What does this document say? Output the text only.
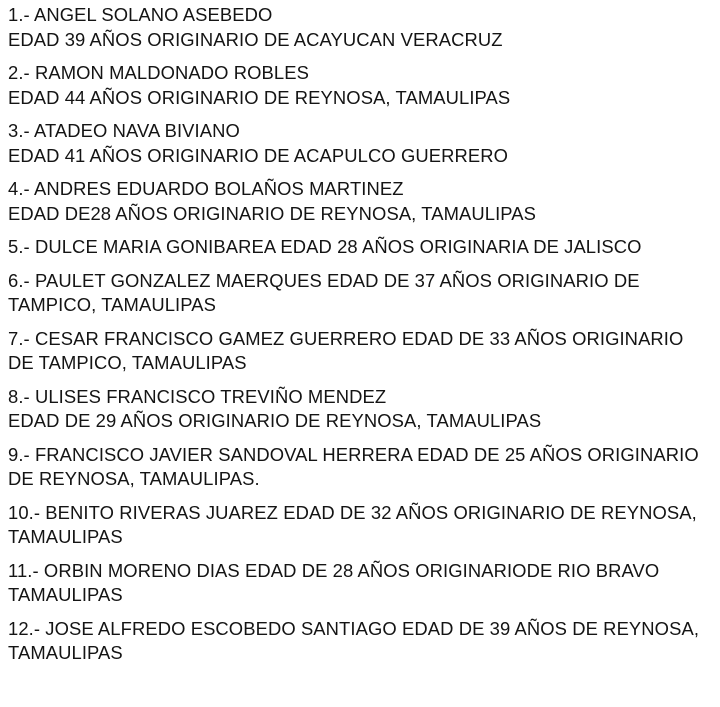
1.- ANGEL SOLANO ASEBEDO
EDAD 39 AÑOS ORIGINARIO DE ACAYUCAN VERACRUZ
2.- RAMON MALDONADO ROBLES
EDAD 44 AÑOS ORIGINARIO DE REYNOSA, TAMAULIPAS
3.- ATADEO NAVA BIVIANO
EDAD 41 AÑOS ORIGINARIO DE ACAPULCO GUERRERO
4.- ANDRES EDUARDO BOLAÑOS MARTINEZ
EDAD DE28 AÑOS ORIGINARIO DE REYNOSA, TAMAULIPAS
5.- DULCE MARIA GONIBAREA EDAD 28 AÑOS ORIGINARIA DE JALISCO
6.- PAULET GONZALEZ MAERQUES EDAD DE 37 AÑOS ORIGINARIO DE
TAMPICO, TAMAULIPAS
7.- CESAR FRANCISCO GAMEZ GUERRERO EDAD DE 33 AÑOS ORIGINARIO
DE TAMPICO, TAMAULIPAS
8.- ULISES FRANCISCO TREVIÑO MENDEZ
EDAD DE 29 AÑOS ORIGINARIO DE REYNOSA, TAMAULIPAS
9.- FRANCISCO JAVIER SANDOVAL HERRERA EDAD DE 25 AÑOS ORIGINARIO
DE REYNOSA, TAMAULIPAS.
10.- BENITO RIVERAS JUAREZ EDAD DE 32 AÑOS ORIGINARIO DE REYNOSA,
TAMAULIPAS
11.- ORBIN MORENO DIAS EDAD DE 28 AÑOS ORIGINARIODE RIO BRAVO
TAMAULIPAS
12.- JOSE ALFREDO ESCOBEDO SANTIAGO EDAD DE 39 AÑOS DE REYNOSA,
TAMAULIPAS
